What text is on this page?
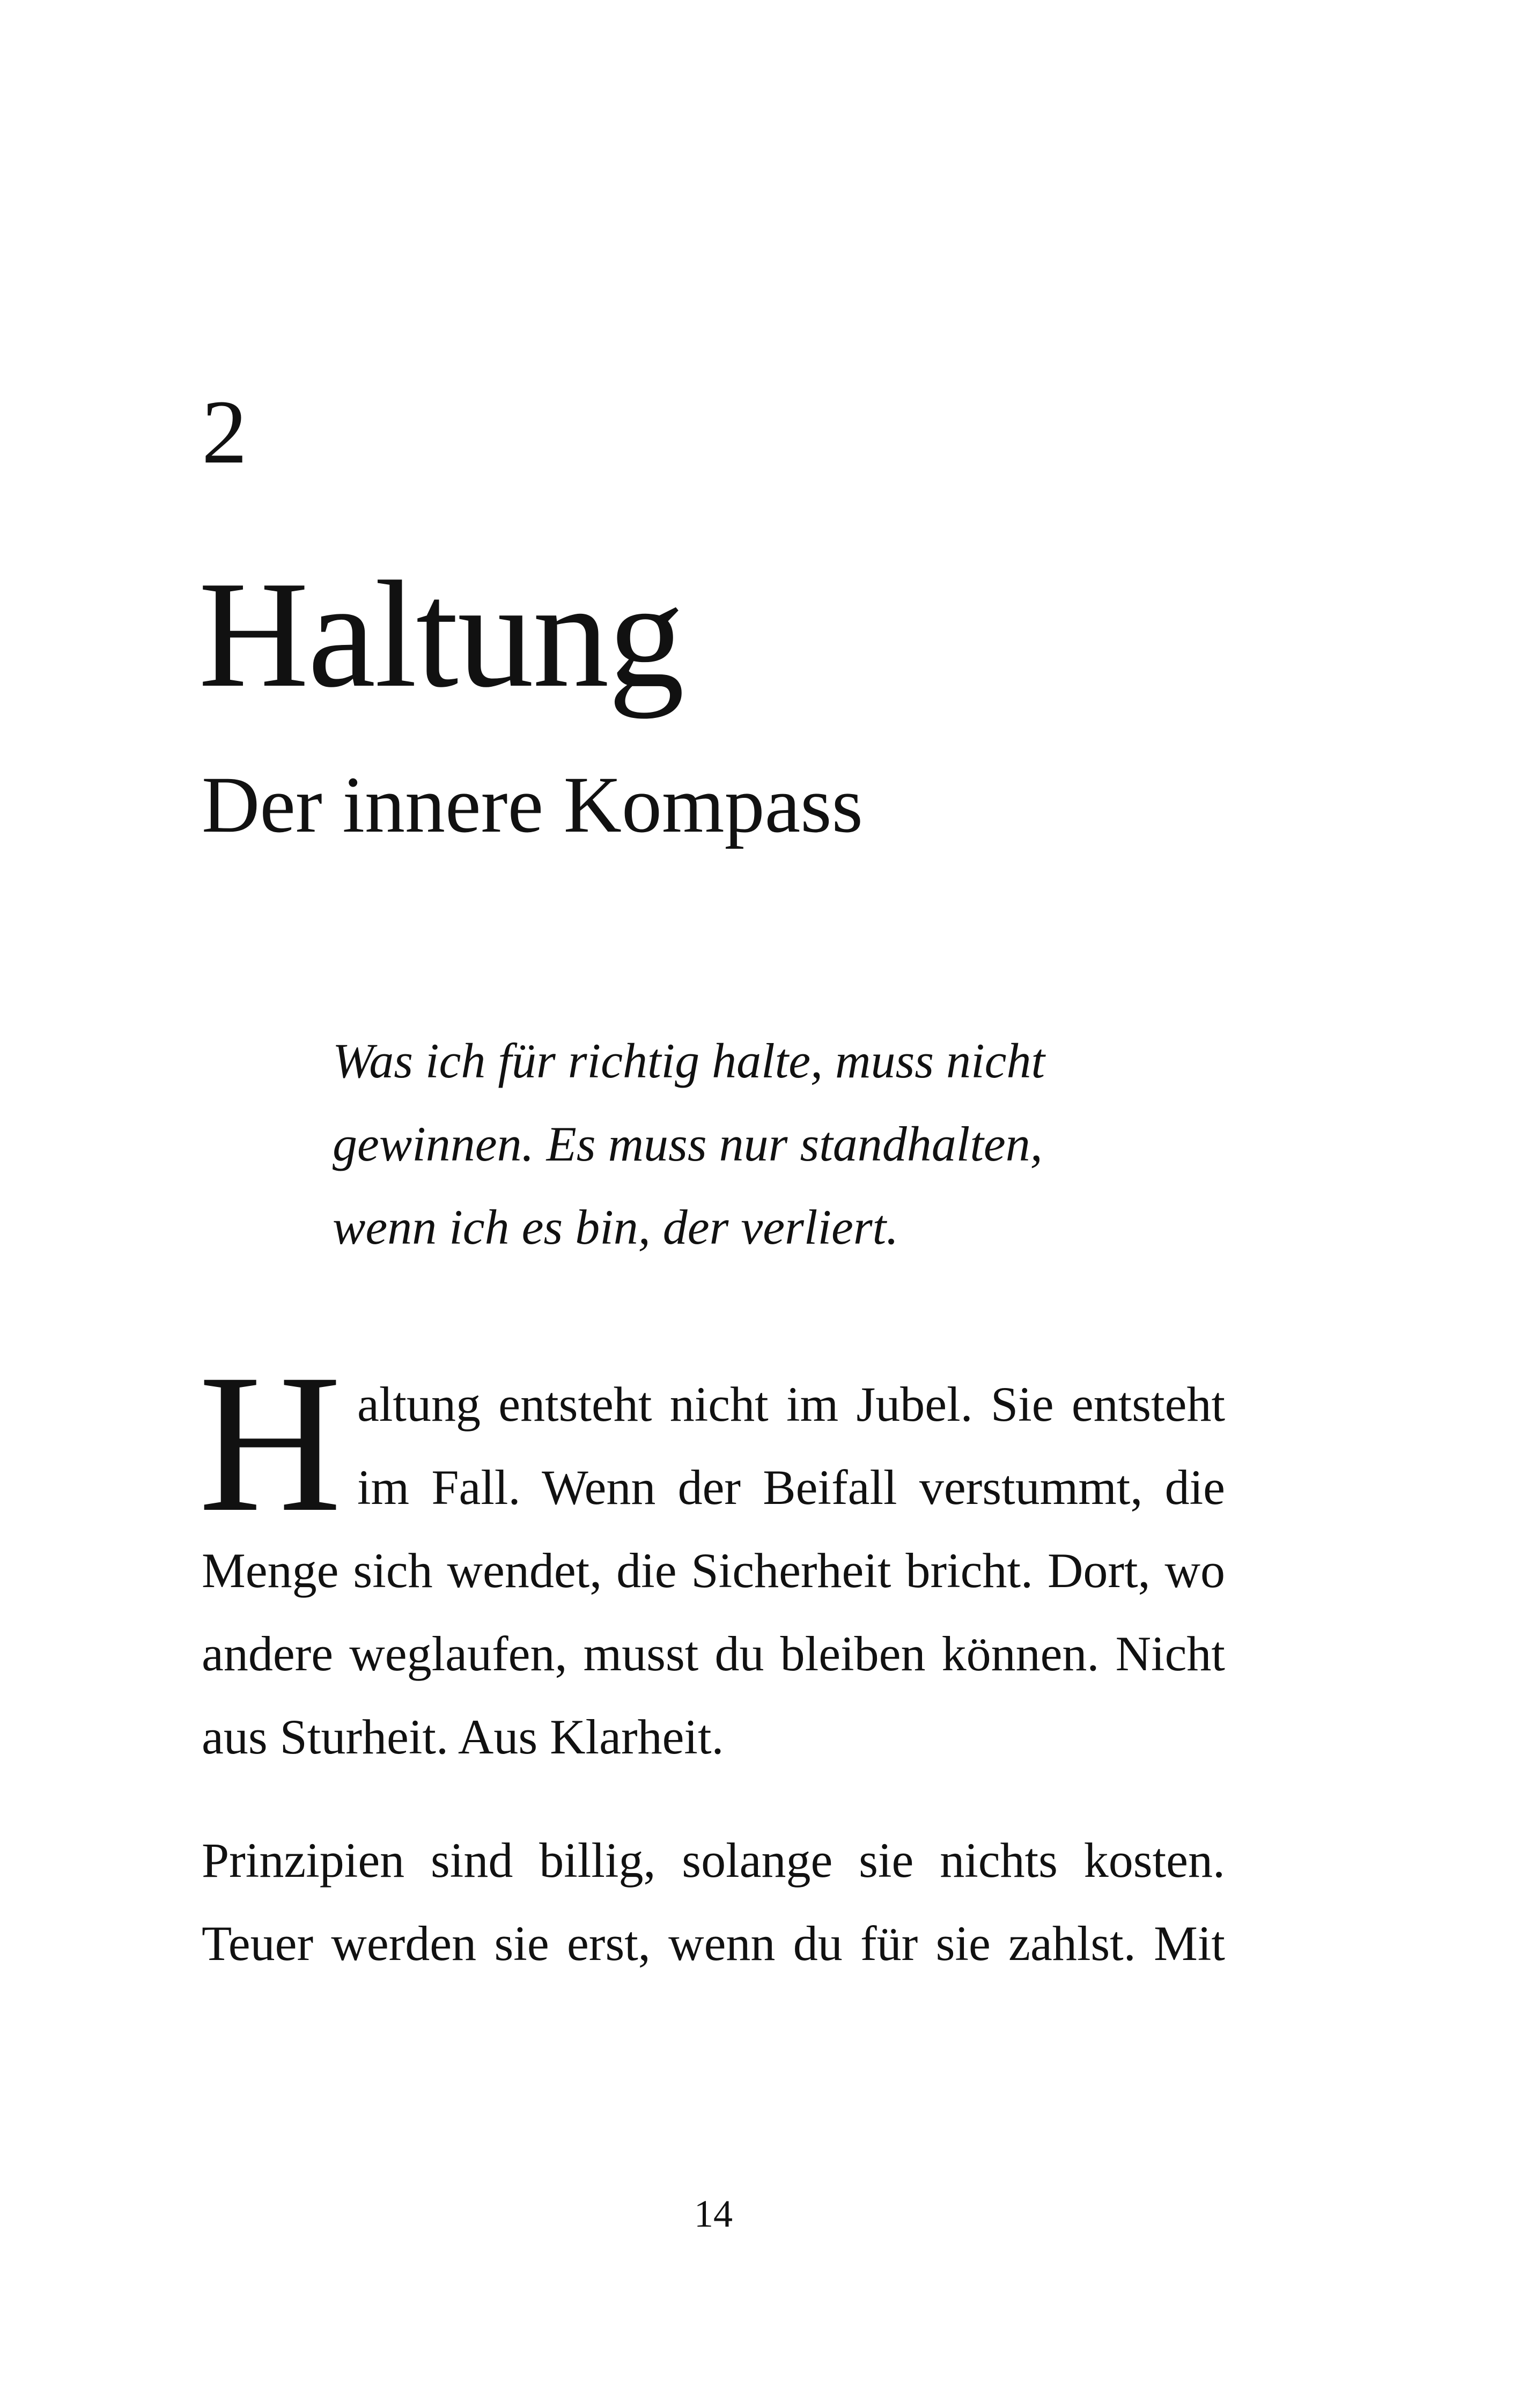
2
Haltung
Der innere Kompass
Was ich für richtig halte, muss nicht
gewinnen. Es muss nur standhalten,
wenn ich es bin, der verliert.
H altung entsteht nicht im Jubel. Sie entsteht
im Fall. Wenn der Beifall verstummt, die
Menge sich wendet, die Sicherheit bricht. Dort, wo
andere weglaufen, musst du bleiben können. Nicht
aus Sturheit. Aus Klarheit.

Prinzipien sind billig, solange sie nichts kosten.
Teuer werden sie erst, wenn du für sie zahlst. Mit

14
